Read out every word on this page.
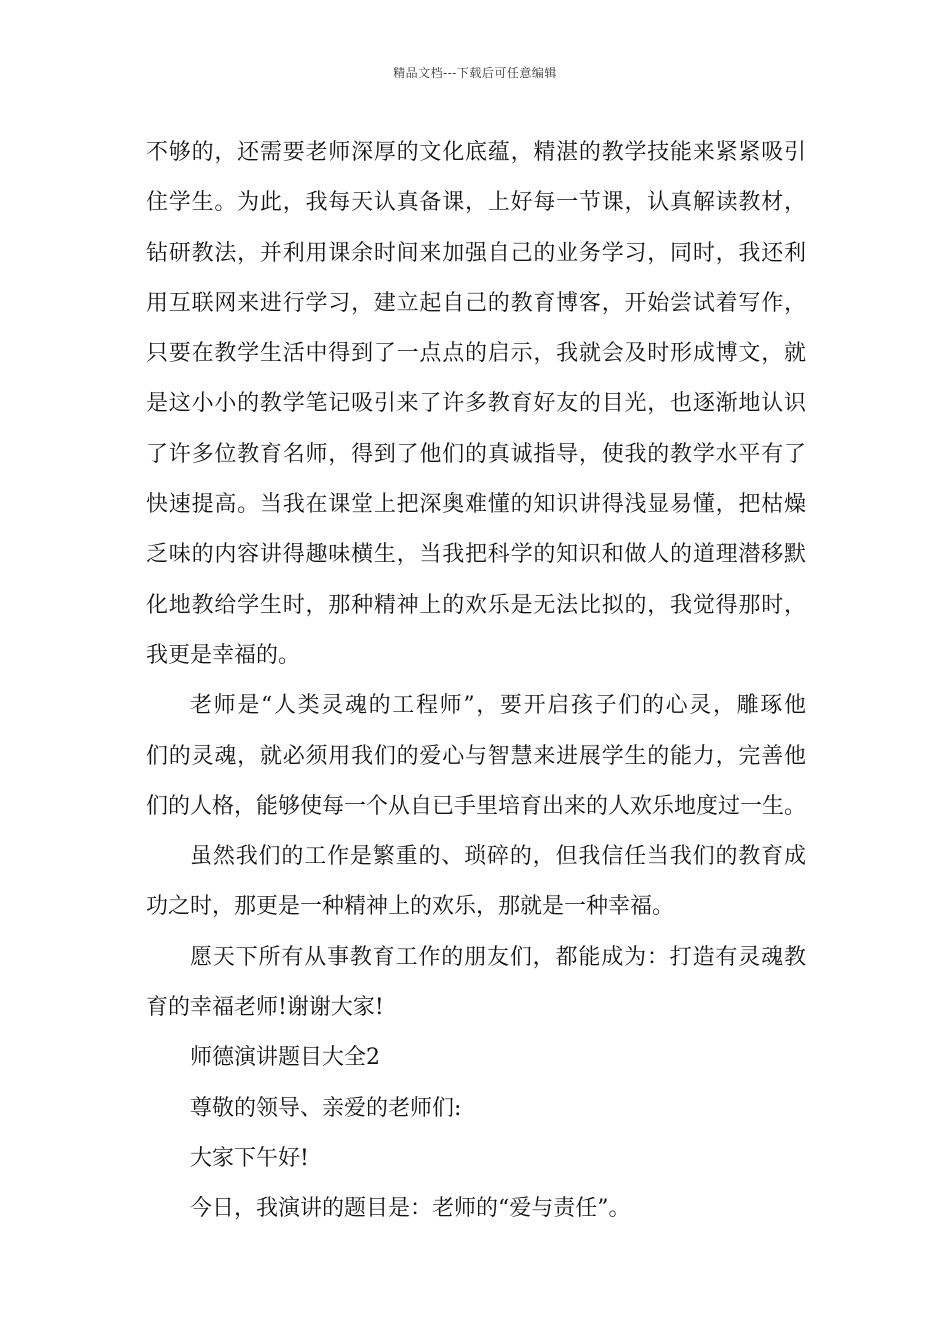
精品文档---下载后可任意编辑
不够的，还需要老师深厚的文化底蕴，精湛的教学技能来紧紧吸引
住学生。为此，我每天认真备课，上好每一节课，认真解读教材，
钻研教法，并利用课余时间来加强自己的业务学习，同时，我还利
用互联网来进行学习，建立起自己的教育博客，开始尝试着写作，
只要在教学生活中得到了一点点的启示，我就会及时形成博文，就
是这小小的教学笔记吸引来了许多教育好友的目光，也逐渐地认识
了许多位教育名师，得到了他们的真诚指导，使我的教学水平有了
快速提高。当我在课堂上把深奥难懂的知识讲得浅显易懂，把枯燥
乏味的内容讲得趣味横生，当我把科学的知识和做人的道理潜移默
化地教给学生时，那种精神上的欢乐是无法比拟的，我觉得那时，
我更是幸福的。
老师是“人类灵魂的工程师”，要开启孩子们的心灵，雕琢他
们的灵魂，就必须用我们的爱心与智慧来进展学生的能力，完善他
们的人格，能够使每一个从自已手里培育出来的人欢乐地度过一生。
虽然我们的工作是繁重的、琐碎的，但我信任当我们的教育成
功之时，那更是一种精神上的欢乐，那就是一种幸福。
愿天下所有从事教育工作的朋友们，都能成为：打造有灵魂教
育的幸福老师!谢谢大家!
师德演讲题目大全2
尊敬的领导、亲爱的老师们:
大家下午好!
今日，我演讲的题目是：老师的“爱与责任”。
